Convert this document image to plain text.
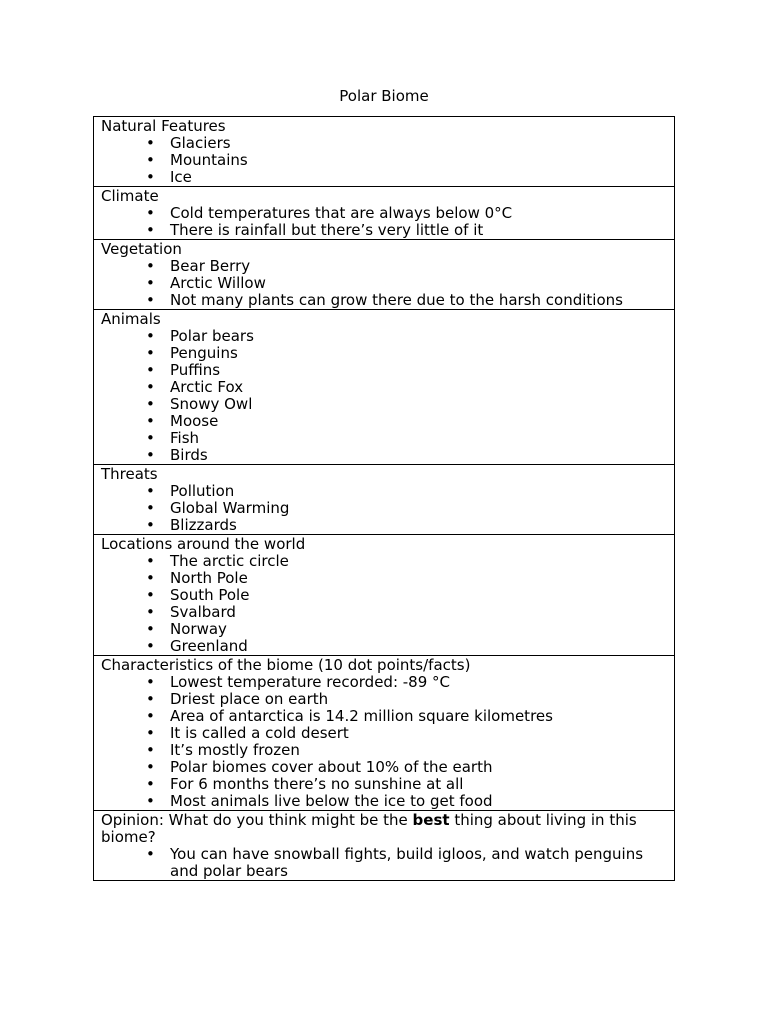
Polar Biome
Natural Features
• Glaciers
• Mountains
• Ice
Climate
• Cold temperatures that are always below 0°C
• There is rainfall but there’s very little of it
Vegetation
• Bear Berry
• Arctic Willow
• Not many plants can grow there due to the harsh conditions
Animals
• Polar bears
• Penguins
• Puffins
• Arctic Fox
• Snowy Owl
• Moose
• Fish
• Birds
Threats
• Pollution
• Global Warming
• Blizzards
Locations around the world
• The arctic circle
• North Pole
• South Pole
• Svalbard
• Norway
• Greenland
Characteristics of the biome (10 dot points/facts)
• Lowest temperature recorded: -89 °C
• Driest place on earth
• Area of antarctica is 14.2 million square kilometres
• It is called a cold desert
• It’s mostly frozen
• Polar biomes cover about 10% of the earth
• For 6 months there’s no sunshine at all
• Most animals live below the ice to get food
Opinion: What do you think might be the best thing about living in this biome?
• You can have snowball fights, build igloos, and watch penguins and polar bears
